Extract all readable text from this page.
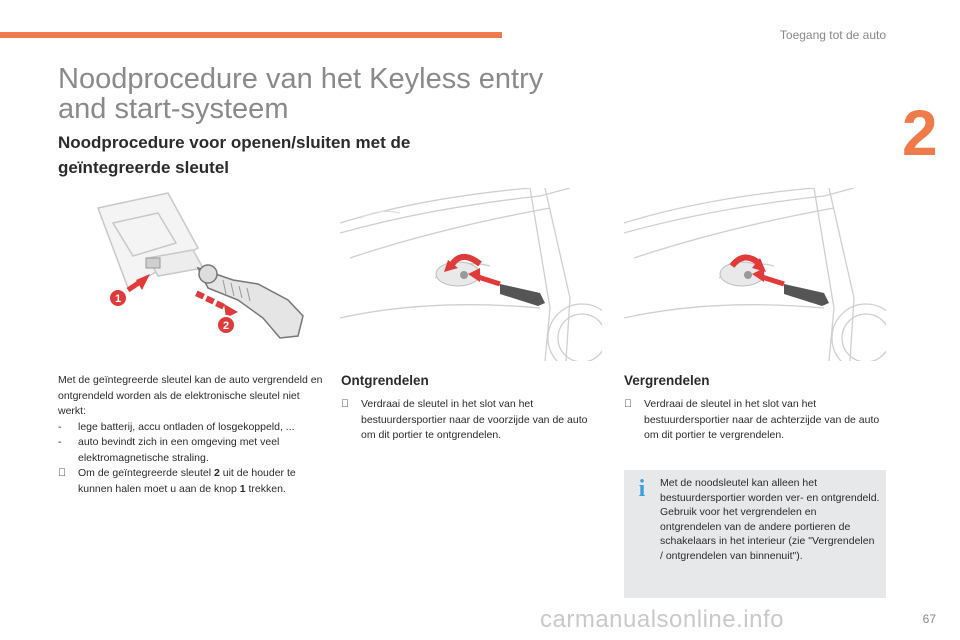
Toegang tot de auto
2
Noodprocedure van het Keyless entry and start-systeem
Noodprocedure voor openen/sluiten met de geïntegreerde sleutel
1
2

Met de geïntegreerde sleutel kan de auto vergrendeld en ontgrendeld worden als de elektronische sleutel niet werkt:

-	lege batterij, accu ontladen of losgekoppeld, ...
-	auto bevindt zich in een omgeving met veel elektromagnetische straling.
Om de geïntegreerde sleutel 2 uit de houder te kunnen halen moet u aan de knop 1 trekken.
Ontgrendelen
Verdraai de sleutel in het slot van het bestuurdersportier naar de voorzijde van de auto om dit portier te ontgrendelen.
Vergrendelen
Verdraai de sleutel in het slot van het bestuurdersportier naar de achterzijde van de auto om dit portier te vergrendelen.
i	Met de noodsleutel kan alleen het bestuurdersportier worden ver- en ontgrendeld.

Gebruik voor het vergrendelen en ontgrendelen van de andere portieren de schakelaars in het interieur (zie "Vergrendelen / ontgrendelen van binnenuit").

carmanualsonline.info	67
